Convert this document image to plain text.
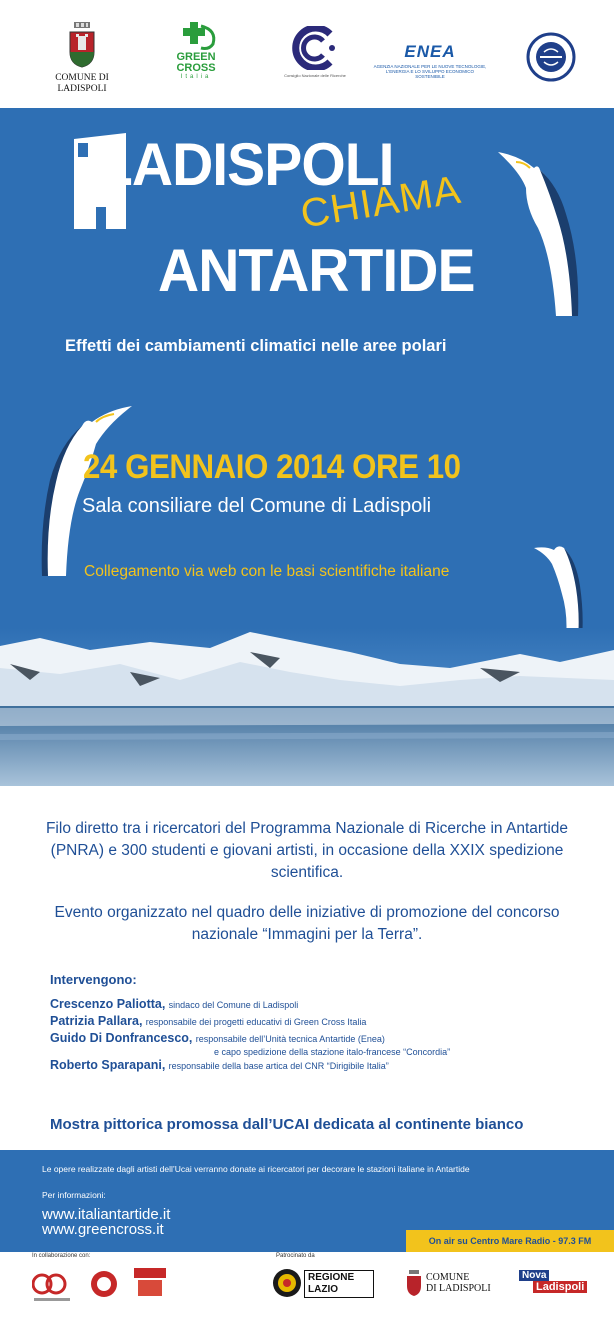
COMUNE DI LADISPOLI
GREEN
CROSS
Italia	Consiglio Nazionale delle Ricerche
ENEA
AGENZIA NAZIONALE PER LE NUOVE TECNOLOGIE, L'ENERGIA E LO SVILUPPO ECONOMICO SOSTENIBILE
LADISPOLI
CHIAMA
ANTARTIDE
Effetti dei cambiamenti climatici nelle aree polari
24 GENNAIO 2014 ORE 10
Sala consiliare del Comune di Ladispoli
Collegamento via web con le basi scientifiche italiane
Filo diretto tra i ricercatori del Programma Nazionale di Ricerche in Antartide (PNRA) e 300 studenti e giovani artisti, in occasione della XXIX spedizione scientifica.
Evento organizzato nel quadro delle iniziative di promozione del concorso nazionale “Immagini per la Terra”.
Intervengono:
Crescenzo Paliotta, sindaco del Comune di Ladispoli
Patrizia Pallara, responsabile dei progetti educativi di Green Cross Italia
Guido Di Donfrancesco, responsabile dell’Unità tecnica Antartide (Enea)
e capo spedizione della stazione italo-francese “Concordia”
Roberto Sparapani, responsabile della base artica del CNR “Dirigibile Italia”
Mostra pittorica promossa dall’UCAI dedicata al continente bianco
Le opere realizzate dagli artisti dell’Ucai verranno donate ai ricercatori per decorare le stazioni italiane in Antartide
Per informazioni:
www.italiantartide.it
www.greencross.it
On air su Centro Mare Radio - 97.3 FM
In collaborazione con:	Patrocinato da
REGIONE
LAZIO
COMUNE
DI LADISPOLI
Nova
Ladispoli
